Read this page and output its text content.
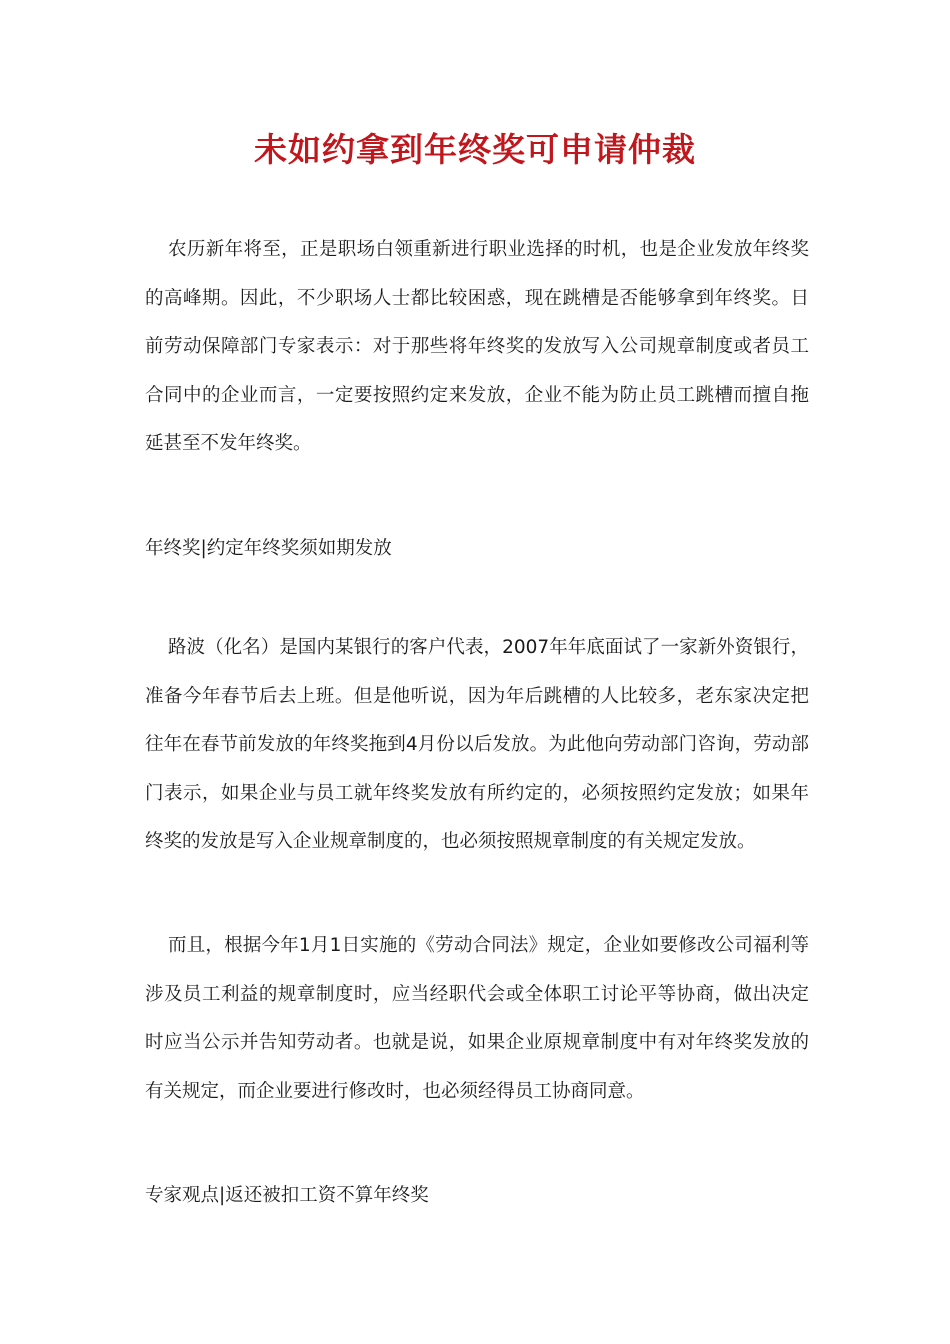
未如约拿到年终奖可申请仲裁

农历新年将至，正是职场白领重新进行职业选择的时机，也是企业发放年终奖的高峰期。因此，不少职场人士都比较困惑，现在跳槽是否能够拿到年终奖。日前劳动保障部门专家表示：对于那些将年终奖的发放写入公司规章制度或者员工合同中的企业而言，一定要按照约定来发放，企业不能为防止员工跳槽而擅自拖延甚至不发年终奖。

年终奖|约定年终奖须如期发放

路波（化名）是国内某银行的客户代表，2007年年底面试了一家新外资银行，准备今年春节后去上班。但是他听说，因为年后跳槽的人比较多，老东家决定把往年在春节前发放的年终奖拖到4月份以后发放。为此他向劳动部门咨询，劳动部门表示，如果企业与员工就年终奖发放有所约定的，必须按照约定发放；如果年终奖的发放是写入企业规章制度的，也必须按照规章制度的有关规定发放。

而且，根据今年1月1日实施的《劳动合同法》规定，企业如要修改公司福利等涉及员工利益的规章制度时，应当经职代会或全体职工讨论平等协商，做出决定时应当公示并告知劳动者。也就是说，如果企业原规章制度中有对年终奖发放的有关规定，而企业要进行修改时，也必须经得员工协商同意。

专家观点|返还被扣工资不算年终奖
